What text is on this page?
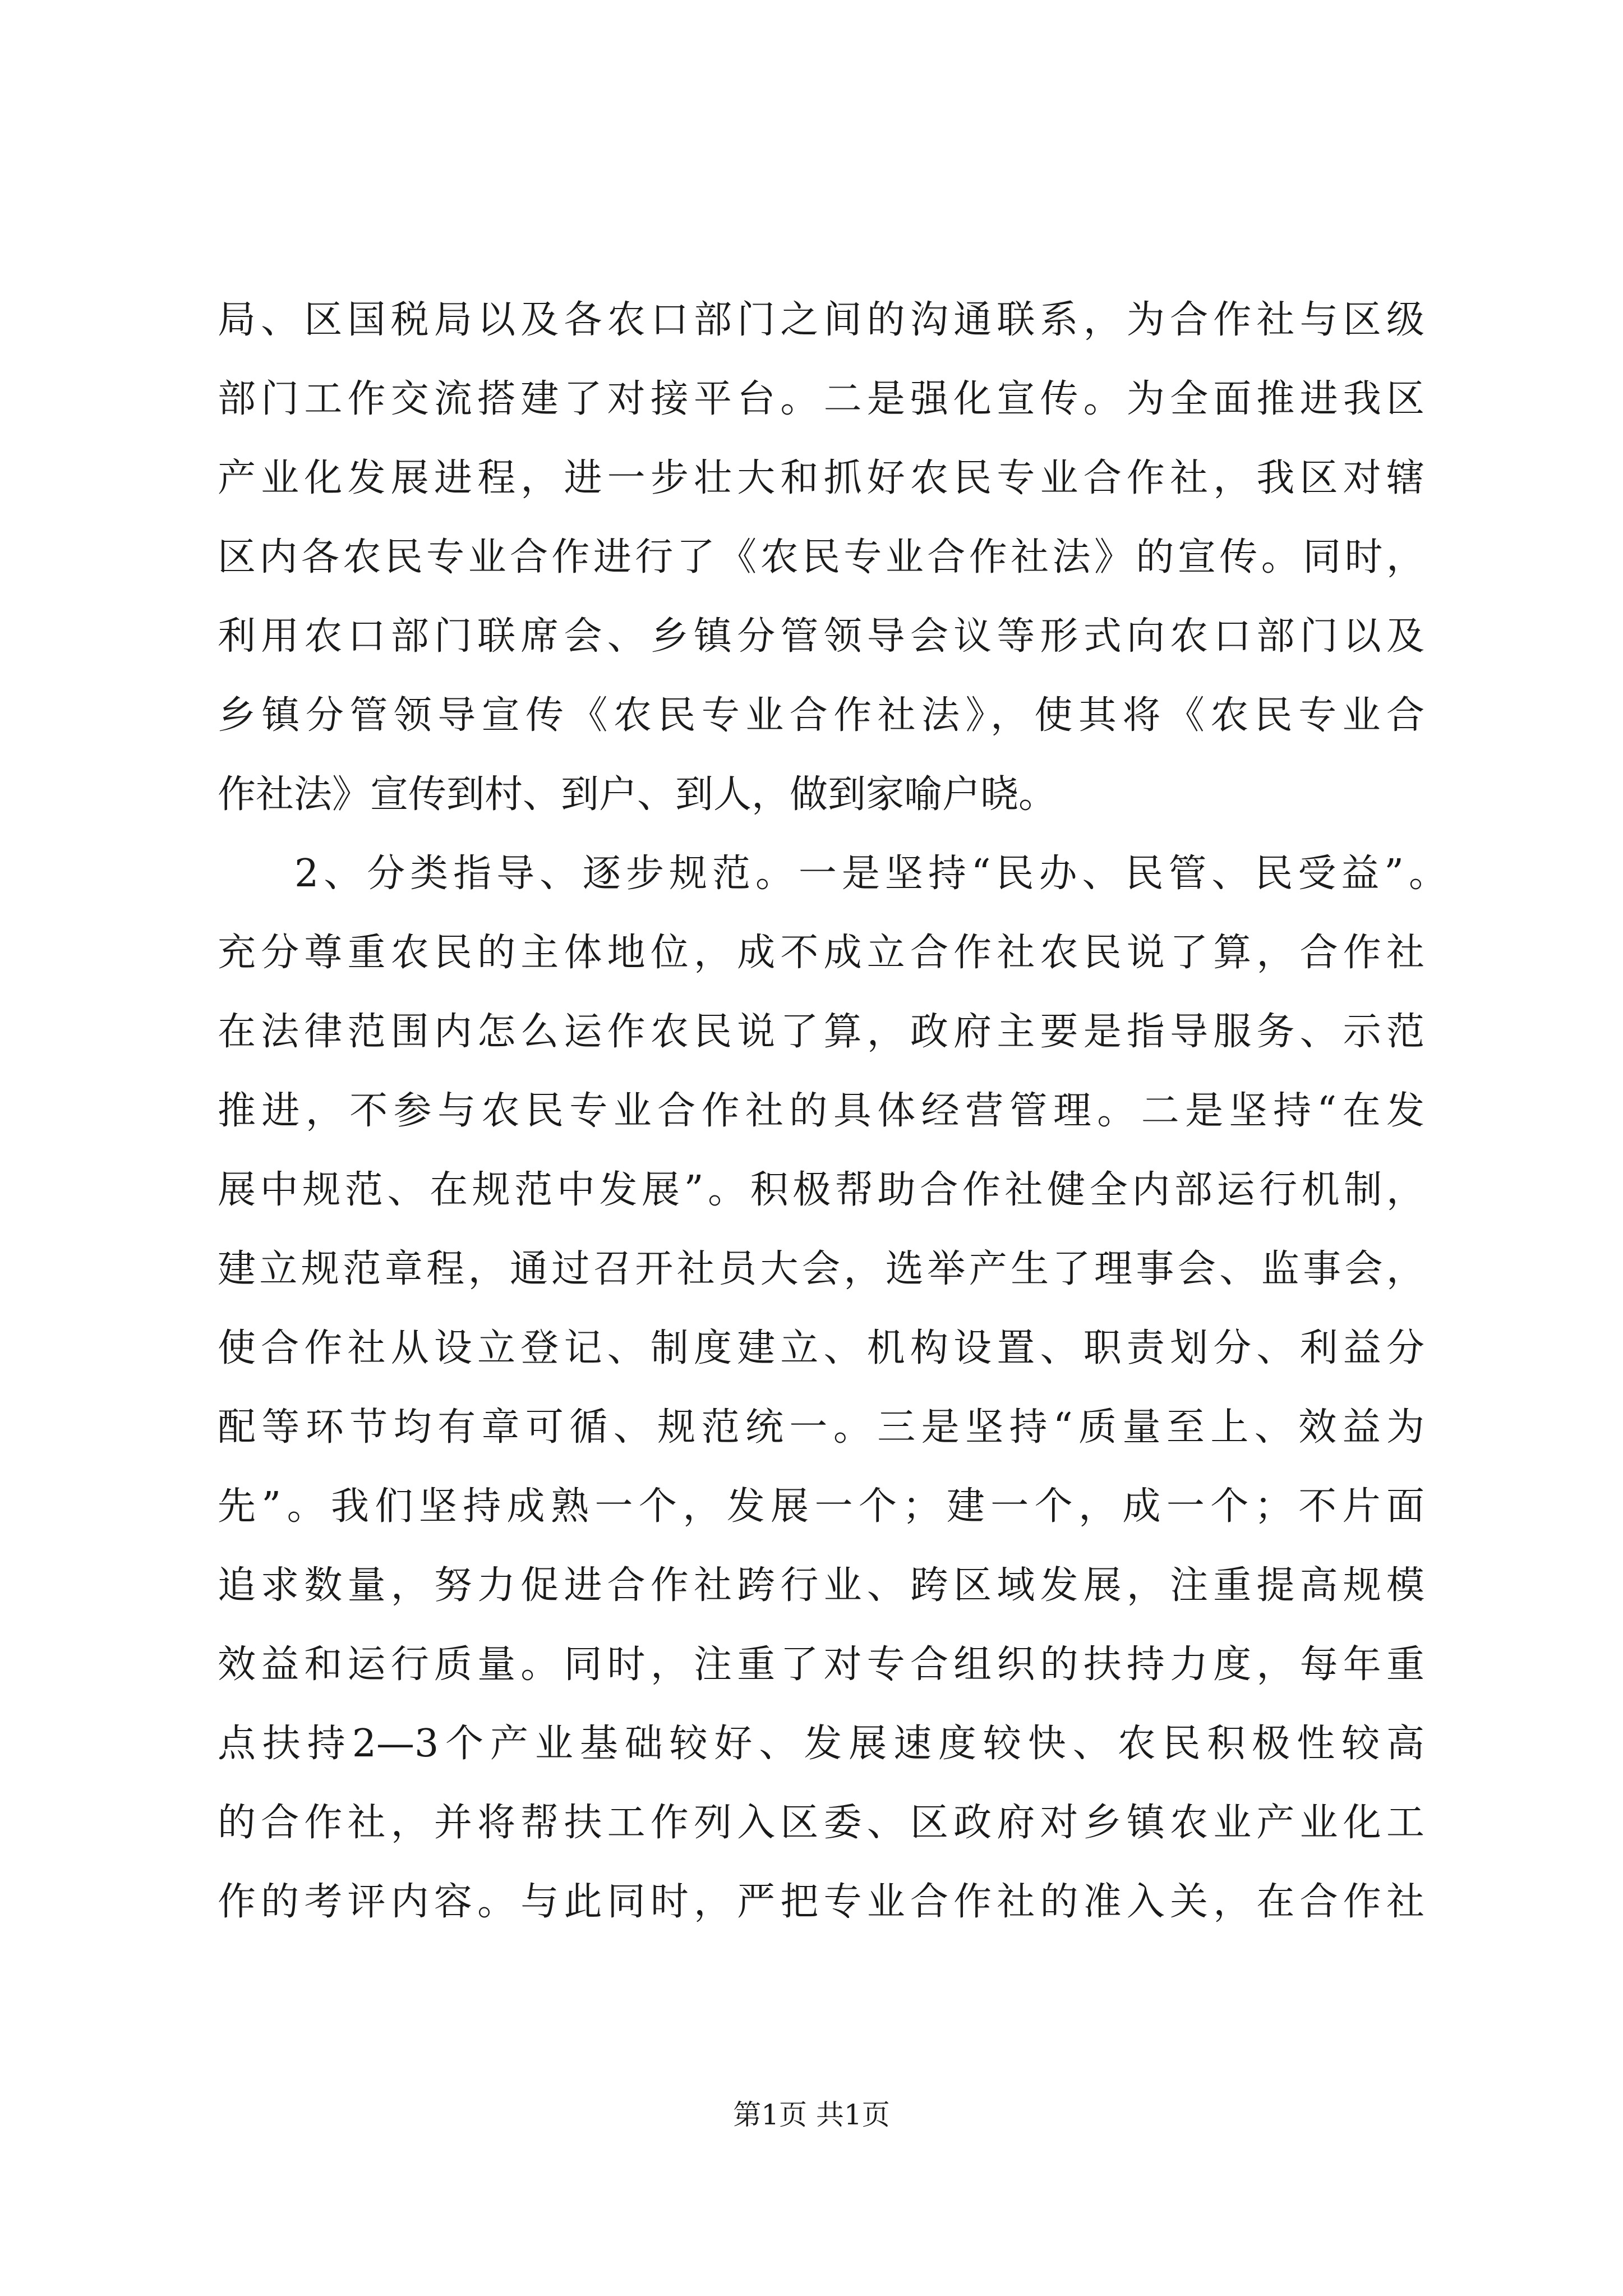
局、区国税局以及各农口部门之间的沟通联系，为合作社与区级
部门工作交流搭建了对接平台。二是强化宣传。为全面推进我区
产业化发展进程，进一步壮大和抓好农民专业合作社，我区对辖
区内各农民专业合作进行了《农民专业合作社法》的宣传。同时，
利用农口部门联席会、乡镇分管领导会议等形式向农口部门以及
乡镇分管领导宣传《农民专业合作社法》，使其将《农民专业合
作社法》宣传到村、到户、到人，做到家喻户晓。
2、分类指导、逐步规范。一是坚持“民办、民管、民受益”。
充分尊重农民的主体地位，成不成立合作社农民说了算，合作社
在法律范围内怎么运作农民说了算，政府主要是指导服务、示范
推进，不参与农民专业合作社的具体经营管理。二是坚持“在发
展中规范、在规范中发展”。积极帮助合作社健全内部运行机制，
建立规范章程，通过召开社员大会，选举产生了理事会、监事会，
使合作社从设立登记、制度建立、机构设置、职责划分、利益分
配等环节均有章可循、规范统一。三是坚持“质量至上、效益为
先”。我们坚持成熟一个，发展一个；建一个，成一个；不片面
追求数量，努力促进合作社跨行业、跨区域发展，注重提高规模
效益和运行质量。同时，注重了对专合组织的扶持力度，每年重
点扶持2—3个产业基础较好、发展速度较快、农民积极性较高
的合作社，并将帮扶工作列入区委、区政府对乡镇农业产业化工
作的考评内容。与此同时，严把专业合作社的准入关，在合作社
第1页 共1页
